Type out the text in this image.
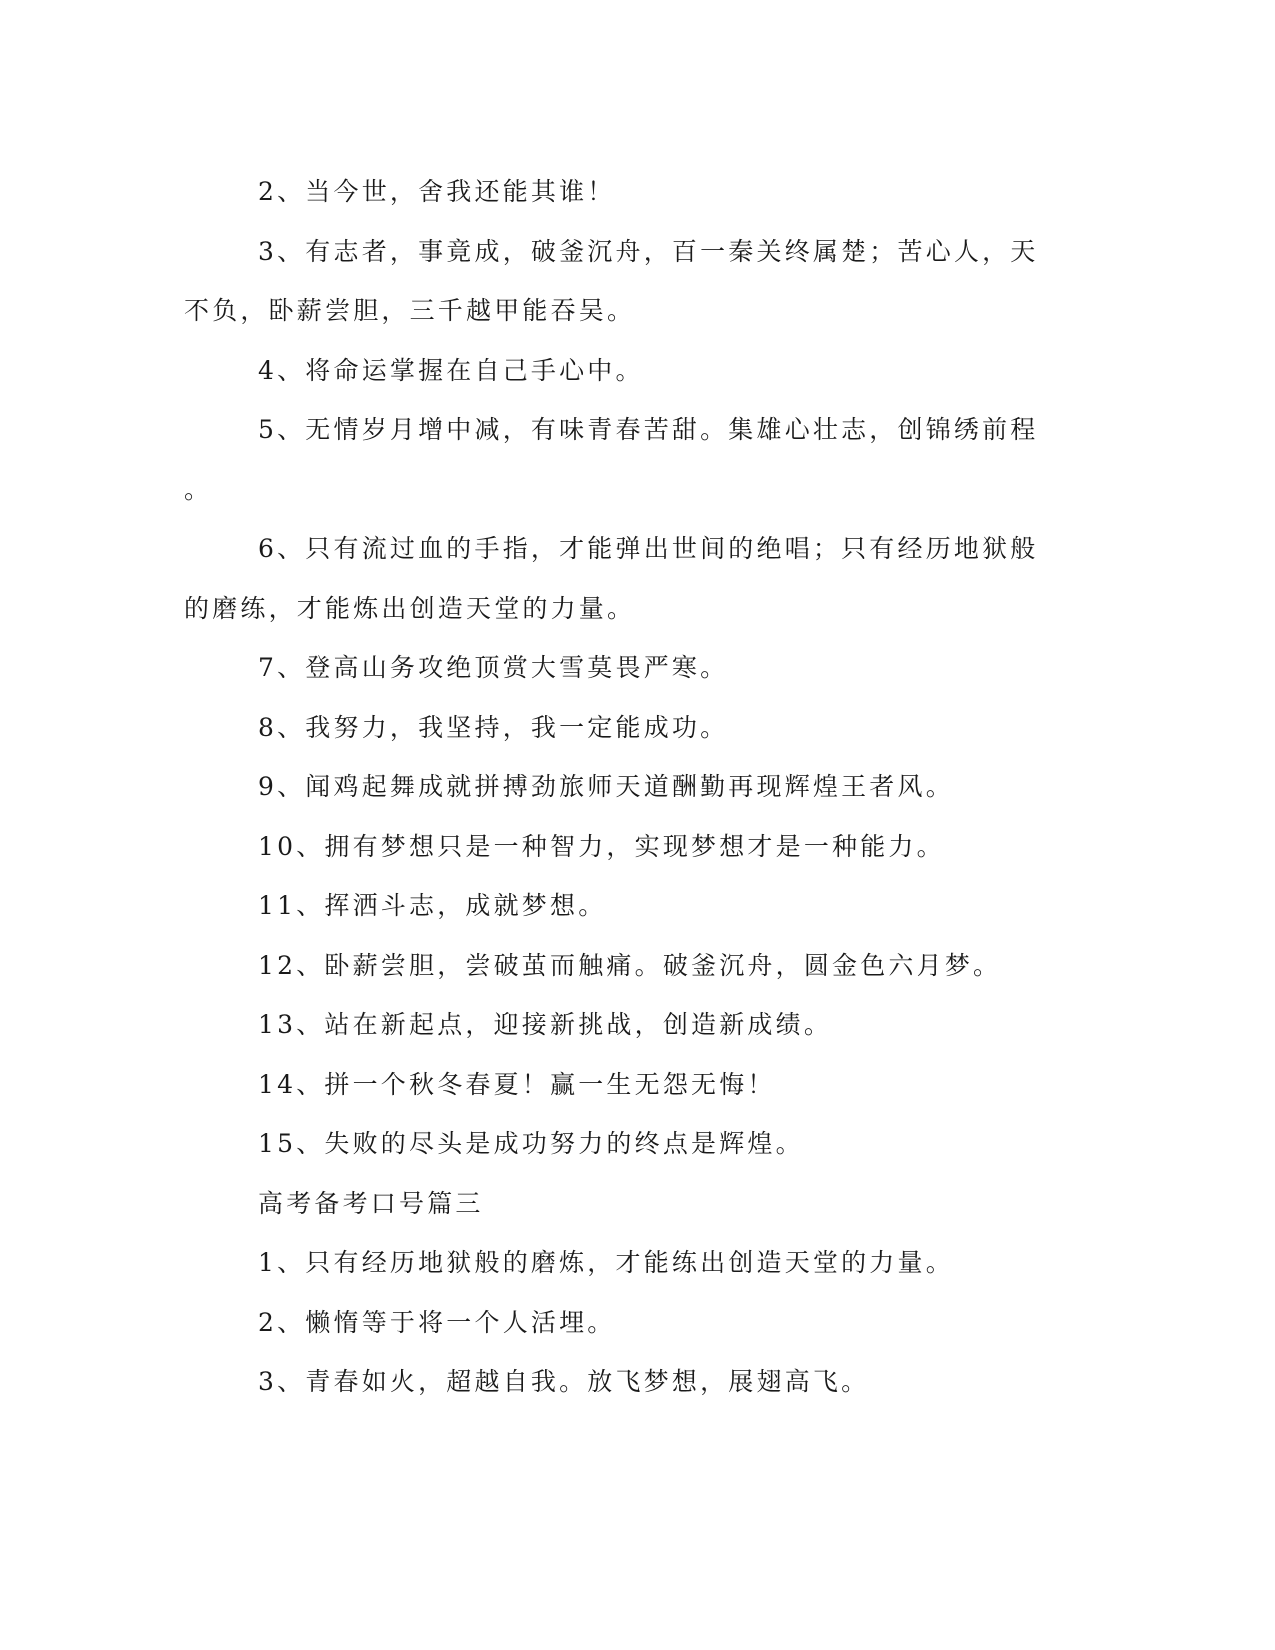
2、当今世，舍我还能其谁！
3、有志者，事竟成，破釜沉舟，百一秦关终属楚；苦心人，天
不负，卧薪尝胆，三千越甲能吞吴。
4、将命运掌握在自己手心中。
5、无情岁月增中减，有味青春苦甜。集雄心壮志，创锦绣前程
。
6、只有流过血的手指，才能弹出世间的绝唱；只有经历地狱般
的磨练，才能炼出创造天堂的力量。
7、登高山务攻绝顶赏大雪莫畏严寒。
8、我努力，我坚持，我一定能成功。
9、闻鸡起舞成就拼搏劲旅师天道酬勤再现辉煌王者风。
10、拥有梦想只是一种智力，实现梦想才是一种能力。
11、挥洒斗志，成就梦想。
12、卧薪尝胆，尝破茧而触痛。破釜沉舟，圆金色六月梦。
13、站在新起点，迎接新挑战，创造新成绩。
14、拼一个秋冬春夏！赢一生无怨无悔！
15、失败的尽头是成功努力的终点是辉煌。
高考备考口号篇三
1、只有经历地狱般的磨炼，才能练出创造天堂的力量。
2、懒惰等于将一个人活埋。
3、青春如火，超越自我。放飞梦想，展翅高飞。
